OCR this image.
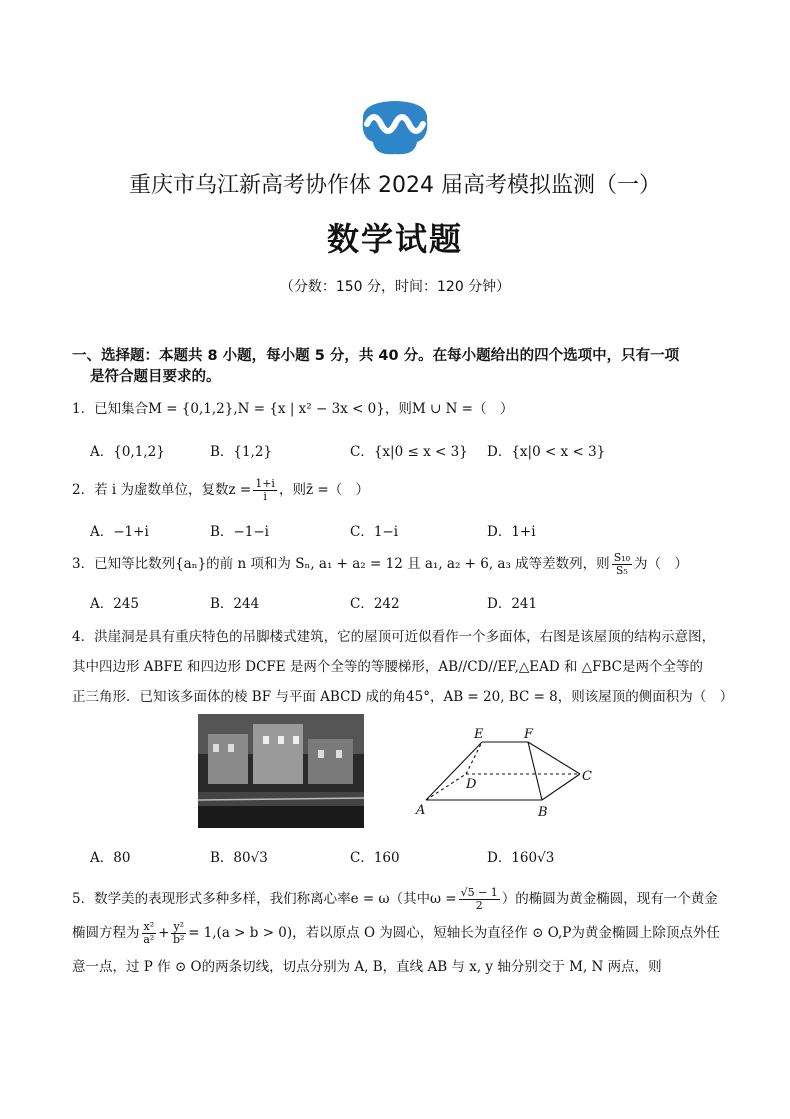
重庆市乌江新高考协作体 2024 届高考模拟监测（一）
数学试题
（分数：150 分，时间：120 分钟）
一、选择题：本题共 8 小题，每小题 5 分，共 40 分。在每小题给出的四个选项中，只有一项
是符合题目要求的。
1．已知集合M = {0,1,2},N = {x | x² − 3x < 0}，则M ∪ N =（　）
A．{0,1,2}	B．{1,2}	C．{x|0 ≤ x < 3} D．{x|0 < x < 3}
2．若 i 为虚数单位，复数$z = \frac{1+i}{i}$ ，则z̄ =（　）
A．−1+i	B．−1−i	C．1−i	D．1+i
3．已知等比数列{aₙ}的前 n 项和为 Sₙ, a₁ + a₂ = 12 且 a₁, a₂ + 6, a₃ 成等差数列，则 $\frac{\text{S₁₀}}{\text{S₅}}$ 为（　）
A．245	B．244	C．242	D．241
4．洪崖洞是具有重庆特色的吊脚楼式建筑，它的屋顶可近似看作一个多面体，右图是该屋顶的结构示意图，
其中四边形 ABFE 和四边形 DCFE 是两个全等的等腰梯形，AB//CD//EF,△EAD 和 △FBC是两个全等的
正三角形．已知该多面体的棱 BF 与平面 ABCD 成的角45°，AB = 20, BC = 8，则该屋顶的侧面积为（　）
E	F
C
D
A	B
A．80	B．80√3	C．160	D．160√3
5．数学美的表现形式多种多样，我们称离心率e = ω（其中$\omega = \frac{√5 - 1}{2}$ ）的椭圆为黄金椭圆，现有一个黄金
椭圆方程为 $\frac{\text{x²}}{\text{a²}} + \frac{\text{y²}}{\text{b²}} = 1,(a > b > 0)$，若以原点 O 为圆心，短轴长为直径作 ⊙ O,P为黄金椭圆上除顶点外任
意一点，过 P 作 ⊙ O的两条切线，切点分别为 A, B，直线 AB 与 x, y 轴分别交于 M, N 两点，则
